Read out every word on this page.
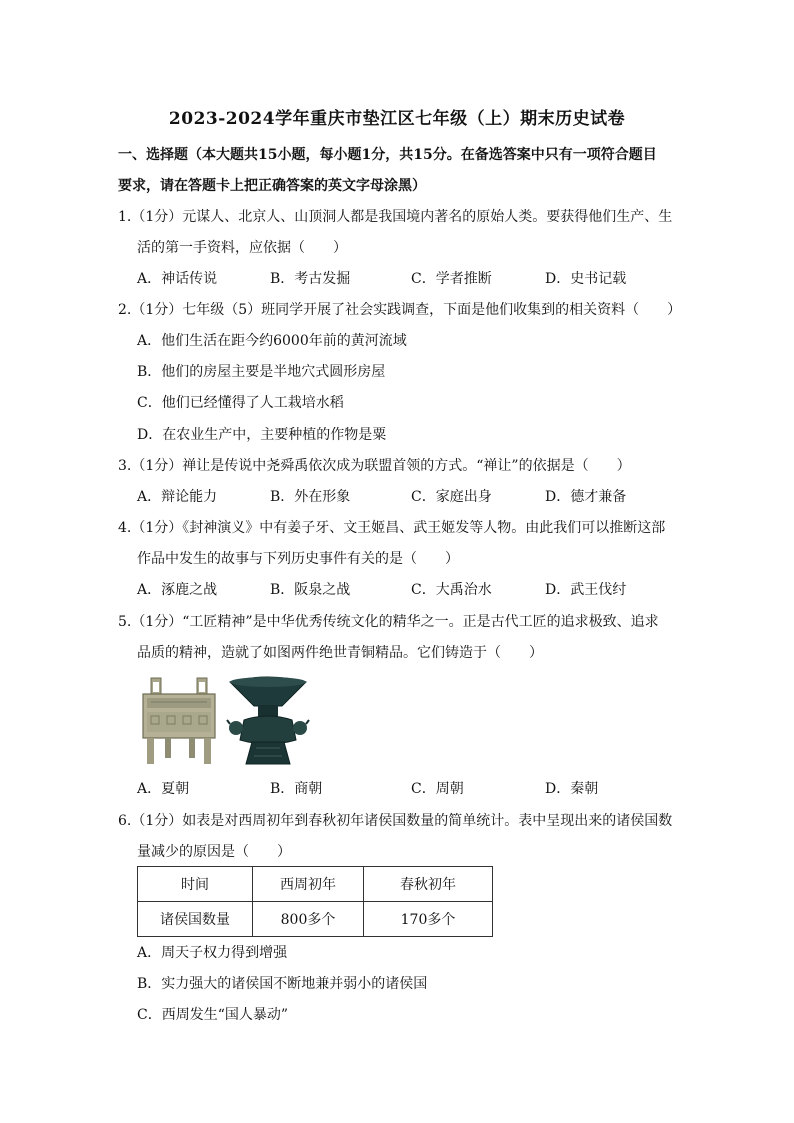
2023-2024学年重庆市垫江区七年级（上）期末历史试卷
一、选择题（本大题共15小题，每小题1分，共15分。在备选答案中只有一项符合题目
要求，请在答题卡上把正确答案的英文字母涂黑）
1.（1分）元谋人、北京人、山顶洞人都是我国境内著名的原始人类。要获得他们生产、生
活的第一手资料，应依据（　　）
A．神话传说	B．考古发掘	C．学者推断	D．史书记载
2.（1分）七年级（5）班同学开展了社会实践调查，下面是他们收集到的相关资料（　　）
A．他们生活在距今约6000年前的黄河流域
B．他们的房屋主要是半地穴式圆形房屋
C．他们已经懂得了人工栽培水稻
D．在农业生产中，主要种植的作物是粟
3.（1分）禅让是传说中尧舜禹依次成为联盟首领的方式。“禅让”的依据是（　　）
A．辩论能力	B．外在形象	C．家庭出身	D．德才兼备
4.（1分）《封神演义》中有姜子牙、文王姬昌、武王姬发等人物。由此我们可以推断这部
作品中发生的故事与下列历史事件有关的是（　　）
A．涿鹿之战	B．阪泉之战	C．大禹治水	D．武王伐纣
5.（1分）“工匠精神”是中华优秀传统文化的精华之一。正是古代工匠的追求极致、追求
品质的精神，造就了如图两件绝世青铜精品。它们铸造于（　　）
A．夏朝	B．商朝	C．周朝	D．秦朝
6.（1分）如表是对西周初年到春秋初年诸侯国数量的简单统计。表中呈现出来的诸侯国数
量减少的原因是（　　）
时间	西周初年	春秋初年
诸侯国数量	800多个	170多个
A．周天子权力得到增强
B．实力强大的诸侯国不断地兼并弱小的诸侯国
C．西周发生“国人暴动”
